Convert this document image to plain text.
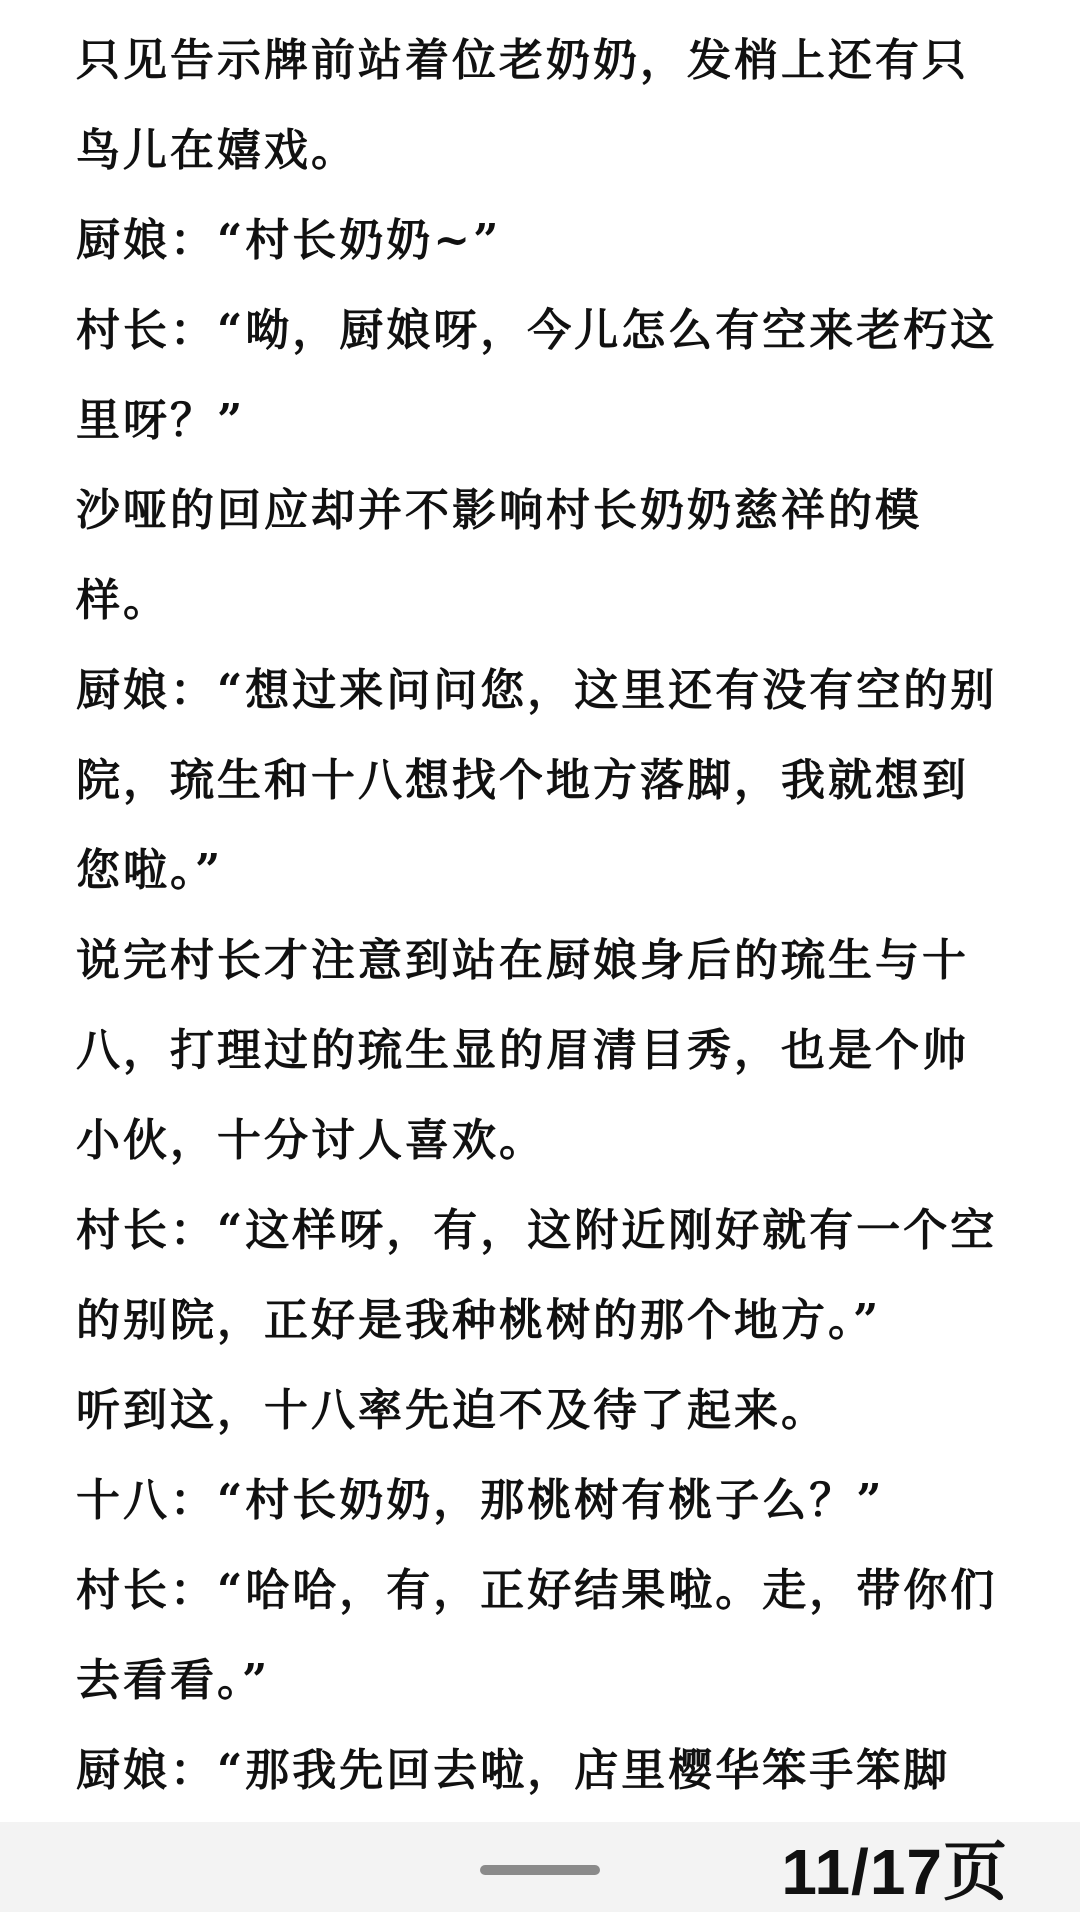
只见告示牌前站着位老奶奶，发梢上还有只

鸟儿在嬉戏。

厨娘：“村长奶奶~”

村长：“呦，厨娘呀，今儿怎么有空来老朽这

里呀？”

沙哑的回应却并不影响村长奶奶慈祥的模

样。

厨娘：“想过来问问您，这里还有没有空的别

院，琉生和十八想找个地方落脚，我就想到

您啦。”

说完村长才注意到站在厨娘身后的琉生与十

八，打理过的琉生显的眉清目秀，也是个帅

小伙，十分讨人喜欢。

村长：“这样呀，有，这附近刚好就有一个空

的别院，正好是我种桃树的那个地方。”

听到这，十八率先迫不及待了起来。

十八：“村长奶奶，那桃树有桃子么？”

村长：“哈哈，有，正好结果啦。走，带你们

去看看。”

厨娘：“那我先回去啦，店里樱华笨手笨脚

11/17页
